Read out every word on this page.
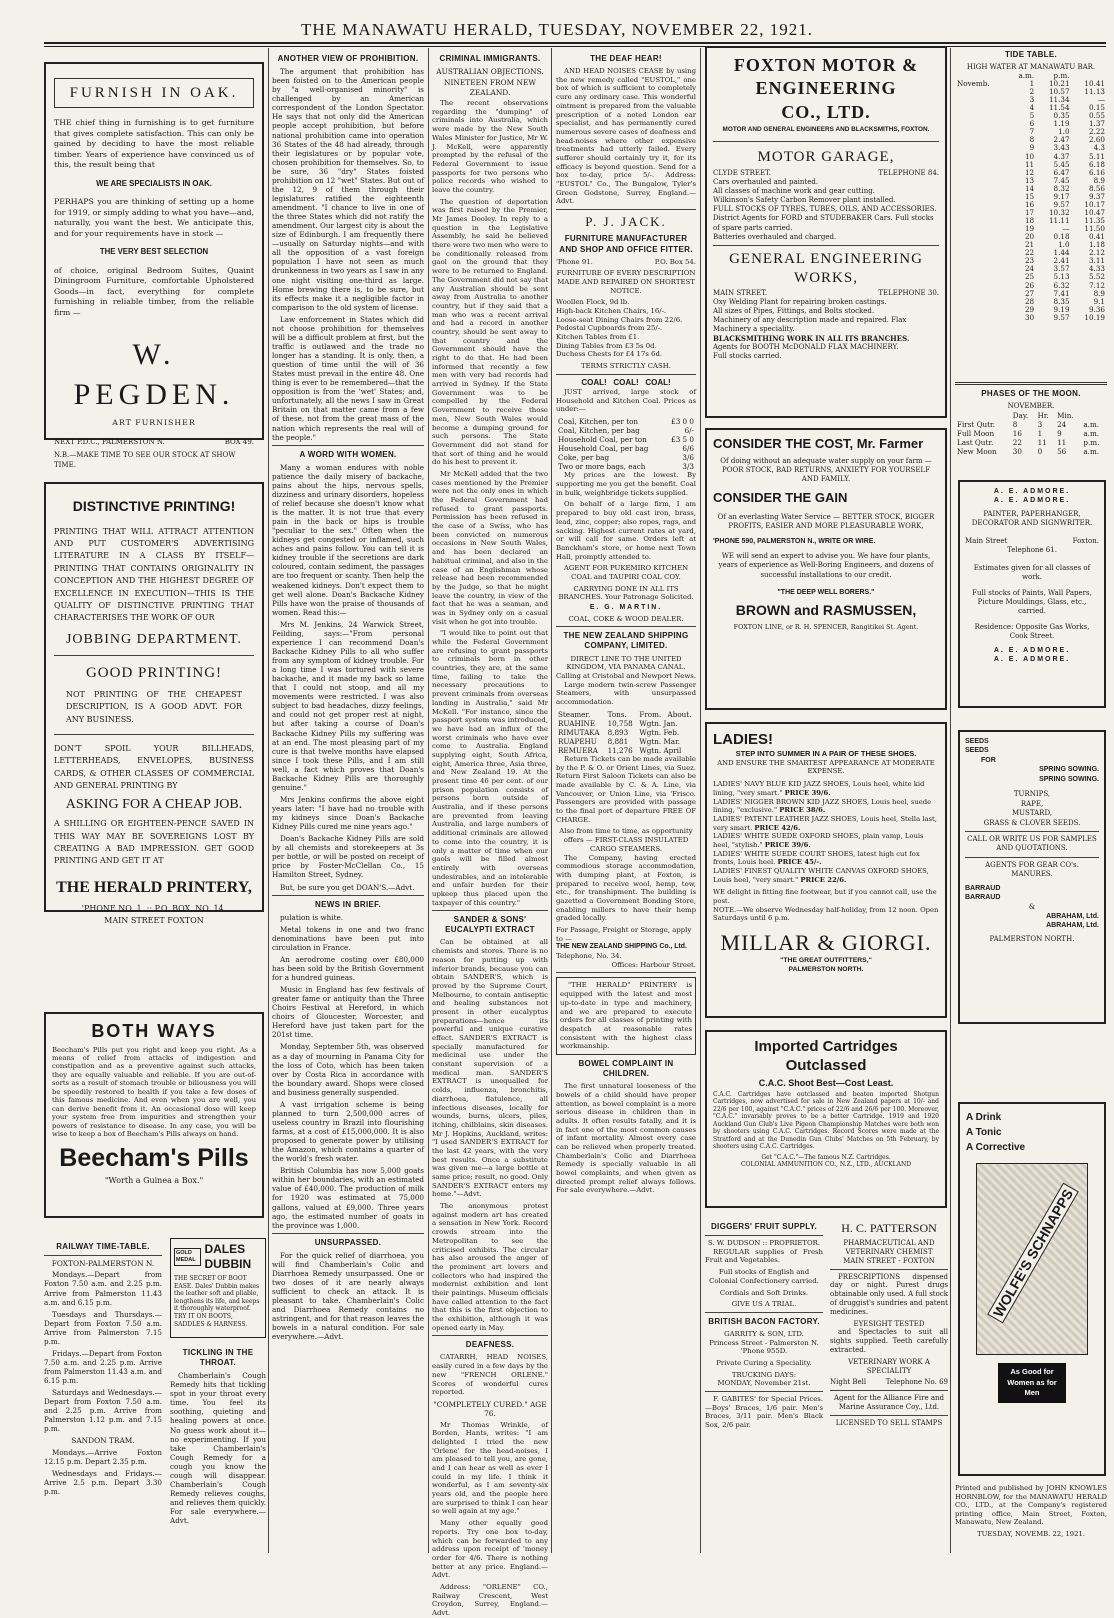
THE MANAWATU HERALD, TUESDAY, NOVEMBER 22, 1921.
FURNISH IN OAK.
THE chief thing in furnishing is to get furniture that gives complete satisfaction. This can only be gained by deciding to have the most reliable timber. Years of experience have convinced us of this, the result being that
WE ARE SPECIALISTS IN OAK.
PERHAPS you are thinking of setting up a home for 1919, or simply adding to what you have—and, naturally, you want the best. We anticipate this, and for your requirements have in stock —
THE VERY BEST SELECTION
of choice, original Bedroom Suites, Quaint Diningroom Furniture, comfortable Upholstered Goods—in fact, everything for complete furnishing in reliable timber, from the reliable firm —
W. PEGDEN.
ART FURNISHER
NEXT P.D.C., PALMERSTON N.	BOX 49.
N.B.—MAKE TIME TO SEE OUR STOCK AT SHOW TIME.
DISTINCTIVE PRINTING!
PRINTING THAT WILL ATTRACT ATTENTION AND PUT CUSTOMER'S ADVERTISING LITERATURE IN A CLASS BY ITSELF—PRINTING THAT CONTAINS ORIGINALITY IN CONCEPTION AND THE HIGHEST DEGREE OF EXCELLENCE IN EXECUTION—THIS IS THE QUALITY OF DISTINCTIVE PRINTING THAT CHARACTERISES THE WORK OF OUR
JOBBING DEPARTMENT.
GOOD PRINTING!
NOT PRINTING OF THE CHEAPEST DESCRIPTION, IS A GOOD ADVT. FOR ANY BUSINESS.
DON'T SPOIL YOUR BILLHEADS, LETTERHEADS, ENVELOPES, BUSINESS CARDS, & OTHER CLASSES OF COMMERCIAL AND GENERAL PRINTING BY
ASKING FOR A CHEAP JOB.
A SHILLING OR EIGHTEEN-PENCE SAVED IN THIS WAY MAY BE SOVEREIGNS LOST BY CREATING A BAD IMPRESSION. GET GOOD PRINTING AND GET IT AT
THE HERALD PRINTERY,
'PHONE NO. 1. :: P.O. BOX, NO. 14.
MAIN STREET FOXTON
BOTH WAYS
Beecham's Pills put you right and keep you right. As a means of relief from attacks of indigestion and constipation and as a preventive against such attacks, they are equally valuable and reliable. If you are out-of-sorts as a result of stomach trouble or biliousness you will be speedily restored to health if you take a few doses of this famous medicine. And even when you are well, you can derive benefit from it. An occasional dose will keep your system free from impurities and strengthen your powers of resistance to disease. In any case, you will be wise to keep a box of Beecham's Pills always on hand.
Beecham's Pills
"Worth a Guinea a Box."
RAILWAY TIME-TABLE.
FOXTON-PALMERSTON N.

Mondays.—Depart from Foxton 7.50 a.m. and 2.25 p.m. Arrive from Palmerston 11.43 a.m. and 6.15 p.m.

Tuesdays and Thursdays.—Depart from Foxton 7.50 a.m. Arrive from Palmerston 7.15 p.m.

Fridays.—Depart from Foxton 7.50 a.m. and 2.25 p.m. Arrive from Palmerston 11.43 a.m. and 6.15 p.m.

Saturdays and Wednesdays.—Depart from Foxton 7.50 a.m. and 2.25 p.m. Arrive from Palmerston 1.12 p.m. and 7.15 p.m.

SANDON TRAM.

Mondays.—Arrive Foxton 12.15 p.m. Depart 2.35 p.m.

Wednesdays and Fridays.—Arrive 2.5 p.m. Depart 3.30 p.m.

GOLD MEDAL
DALES DUBBIN
THE SECRET OF BOOT EASE. Dales' Dubbin makes the leather soft and pliable, lengthens its life, and keeps it thoroughly waterproof. TRY IT ON BOOTS, SADDLES & HARNESS.
TICKLING IN THE THROAT.

Chamberlain's Cough Remedy hits that tickling spot in your throat every time. You feel its soothing, quieting and healing powers at once. No guess work about it—no experimenting. If you take Chamberlain's Cough Remedy for a cough you know the cough will disappear. Chamberlain's Cough Remedy relieves coughs, and relieves them quickly. For sale everywhere.—Advt.

ANOTHER VIEW OF PROHIBITION.

The argument that prohibition has been foisted on to the American people by "a well-organised minority" is challenged by an American correspondent of the London Spectator. He says that not only did the American people accept prohibition, but before national prohibition came into operation 36 States of the 48 had already, through their legislatures or by popular vote, chosen prohibition for themselves. So, to be sure, 36 "dry" States foisted prohibition on 12 "wet" States. But out of the 12, 9 of them through their legislatures ratified the eighteenth amendment. "I chance to live in one of the three States which did not ratify the amendment. Our largest city is about the size of Edinburgh. I am frequently there—usually on Saturday nights—and with all the opposition of a vast foreign population I have not seen as much drunkenness in two years as I saw in any one night visiting one-third as large. Home brewing there is, to be sure, but its effects make it a negligible factor in comparison to the old system of license.

Law enforcement in States which did not choose prohibition for themselves will be a difficult problem at first, but the traffic is outlawed and the trade no longer has a standing. It is only, then, a question of time until the will of 36 States must prevail in the entire 48. One thing is ever to be remembered—that the opposition is from the 'wet' States; and, unfortunately, all the news I saw in Great Britain on that matter came from a few of these, not from the great mass of the nation which represents the real will of the people."

A WORD WITH WOMEN.

Many a woman endures with noble patience the daily misery of backache, pains about the hips, nervous spells, dizziness and urinary disorders, hopeless of relief because she doesn't know what is the matter. It is not true that every pain in the back or hips is trouble "peculiar to the sex." Often when the kidneys get congested or inflamed, such aches and pains follow. You can tell it is kidney trouble if the secretions are dark coloured, contain sediment, the passages are too frequent or scanty. Then help the weakened kidneys. Don't expect them to get well alone. Doan's Backache Kidney Pills have won the praise of thousands of women. Read this:—

Mrs M. Jenkins, 24 Warwick Street, Feilding, says:—"From personal experience I can recommend Doan's Backache Kidney Pills to all who suffer from any symptom of kidney trouble. For a long time I was tortured with severe backache, and it made my back so lame that I could not stoop, and all my movements were restricted. I was also subject to bad headaches, dizzy feelings, and could not get proper rest at night, but after taking a course of Doan's Backache Kidney Pills my suffering was at an end. The most pleasing part of my cure is that twelve months have elapsed since I took these Pills, and I am still well, a fact which proves that Doan's Backache Kidney Pills are thoroughly genuine."

Mrs Jenkins confirms the above eight years later: "I have had no trouble with my kidneys since Doan's Backache Kidney Pills cured me nine years ago."

Doan's Backache Kidney Pills are sold by all chemists and storekeepers at 3s per bottle, or will be posted on receipt of price by Foster-McClellan Co., 15 Hamilton Street, Sydney.

But, be sure you get DOAN'S.—Advt.

NEWS IN BRIEF.

pulation is white.

Metal tokens in one and two franc denominations have been put into circulation in France.

An aerodrome costing over £80,000 has been sold by the British Government for a hundred guineas.

Music in England has few festivals of greater fame or antiquity than the Three Choirs Festival at Hereford, in which choirs of Gloucester, Worcester, and Hereford have just taken part for the 201st time.

Monday, September 5th, was observed as a day of mourning in Panama City for the loss of Coto, which has been taken over by Costa Rica in accordance with the boundary award. Shops were closed and business generally suspended.

A vast irrigation scheme is being planned to turn 2,500,000 acres of useless country in Brazil into flourishing farms, at a cost of £15,000,000. It is also proposed to generate power by utilising the Amazon, which contains a quarter of the world's fresh water.

British Columbia has now 5,000 goats within her boundaries, with an estimated value of £40,000. The production of milk for 1920 was estimated at 75,000 gallons, valued at £9,000. Three years ago, the estimated number of goats in the province was 1,000.

UNSURPASSED.

For the quick relief of diarrhoea, you will find Chamberlain's Colic and Diarrhoea Remedy unsurpassed. One or two doses of it are nearly always sufficient to check an attack. It is pleasant to take. Chamberlain's Colic and Diarrhoea Remedy contains no astringent, and for that reason leaves the bowels in a natural condition. For sale everywhere.—Advt.

CRIMINAL IMMIGRANTS.
AUSTRALIAN OBJECTIONS.
NINETEEN FROM NEW ZEALAND.

The recent observations regarding the "dumping" of criminals into Australia, which were made by the New South Wales Minister for Justice, Mr W. J. McKell, were apparently prompted by the refusal of the Federal Government to issue passports for two persons who police records who wished to leave the country.

The question of deportation was first raised by the Premier, Mr James Dooley. In reply to a question in the Legislative Assembly, he said he believed there were two men who were to be conditionally released from gaol on the ground that they were to be returned to England. The Government did not say that any Australian should be sent away from Australia to another country, but if they said that a man who was a recent arrival and had a record in another country, should be sent away to that country and the Government should have the right to do that. He had been informed that recently a few men with very bad records had arrived in Sydney. If the State Government was to be compelled by the Federal Government to receive those men, New South Wales would become a dumping ground for such persons. The State Government did not stand for that sort of thing and he would do his best to prevent it.

Mr McKell added that the two cases mentioned by the Premier were not the only ones in which the Federal Government had refused to grant passports. Permission has been refused in the case of a Swiss, who has been convicted on numerous occasions in New South Wales, and has been declared an habitual criminal, and also in the case of an Englishman whose release had been recommended by the Judge, so that he might leave the country, in view of the fact that he was a seaman, and was in Sydney only on a casual visit when he got into trouble.

"I would like to point out that while the Federal Government are refusing to grant passports to criminals born in other countries, they are, at the same time, failing to take the necessary precautions to prevent criminals from overseas landing in Australia," said Mr McKell. "For instance, since the passport system was introduced, we have had an influx of the worst criminals who have ever come to Australia. England supplying eight, South Africa, eight, America three, Asia three, and New Zealand 19. At the present time 46 per cent. of our prison population consists of persons born outside of Australia, and if these persons are prevented from leaving Australia, and large numbers of additional criminals are allowed to come into the country, it is only a matter of time when our gaols will be filled almost entirely with overseas undesirables, and an intolerable and unfair burden for their upkeep thus placed upon the taxpayer of this country."

SANDER & SONS' EUCALYPTI EXTRACT

Can be obtained at all chemists and stores. There is no reason for putting up with inferior brands, because you can obtain SANDER'S, which is proved by the Supreme Court, Melbourne, to contain antiseptic and healing substances not present in other eucalyptus preparations—hence its powerful and unique curative effect. SANDER'S EXTRACT is specially manufactured for medicinal use under the constant supervision of a medical man. SANDER'S EXTRACT is unequalled for colds, influenza, bronchitis, diarrhoea, flatulence, all infectious diseases, locally for wounds, burns, ulcers, piles, itching, chilblains, skin diseases. Mr J. Hopkins, Auckland, writes: "I used SANDER'S EXTRACT for the last 42 years, with the very best results. Once a substitute was given me—a large bottle at same price; result, no good. Only SANDER'S EXTRACT enters my home."—Advt.

The anonymous protest against modern art has created a sensation in New York. Record crowds stream into the Metropolitan to see the criticised exhibits. The circular has also aroused the anger of the prominent art lovers and collectors who had inspired the modernist exhibition and lent their paintings. Museum officials have called attention to the fact that this is the first objection to the exhibition, although it was opened early in May.

DEAFNESS.

CATARRH, HEAD NOISES, easily cured in a few days by the new "FRENCH ORLENE." Scores of wonderful cures reported.

"COMPLETELY CURED." AGE 76.

Mr Thomas Wrinkle, of Borden, Hants, writes: "I am delighted I tried the new 'Orlene' for the head-noises, I am pleased to tell you, are gone, and I can hear as well as ever I could in my life. I think it wonderful, as I am seventy-six years old, and the people here are surprised to think I can hear so well again at my age."

Many other equally good reports. Try one box to-day, which can be forwarded to any address upon receipt of 'money order for 4/6. There is nothing better at any price. England.—Advt.

Address: "ORLENE" CO., Railway Crescent, West Croydon, Surrey, England.—Advt.

THE DEAF HEAR!

AND HEAD NOISES CEASE by using the new remedy called "EUSTOL," one box of which is sufficient to completely cure any ordinary case. This wonderful ointment is prepared from the valuable prescription of a noted London ear specialist, and has permanently cured numerous severe cases of deafness and head-noises where other expensive treatments had utterly failed. Every sufferer should certainly try it, for its efficacy is beyond question. Send for a box to-day, price 5/-. Address: "EUSTOL" Co., The Bungalow, Tyler's Green Godstone, Surrey, England.—Advt.

P. J. JACK.
FURNITURE MANUFACTURER AND SHOP AND OFFICE FITTER.
'Phone 91.	P.O. Box 54.
FURNITURE OF EVERY DESCRIPTION MADE AND REPAIRED ON SHORTEST NOTICE.
Woollen Flock, 9d lb.
High-back Kitchen Chairs, 16/-.
Loose-seat Dining Chairs from 22/6.
Pedestal Cupboards from 25/-.
Kitchen Tables from £1.
Dining Tables from £3 5s 0d.
Duchess Chests for £4 17s 6d.
TERMS STRICTLY CASH.
COAL!   COAL!   COAL!

JUST arrived, large stock of Household and Kitchen Coal. Prices as under:—

Coal, Kitchen, per ton	£3 0 0
Coal, Kitchen, per bag	6/-
Household Coal, per ton	£3 5 0
Household Coal, per bag	6/6
Coke, per bag	3/6
Two or more bags, each	3/3

My prices are the lowest. By supporting me you get the benefit. Coal in bulk, weighbridge tickets supplied.

On behalf of a large firm, I am prepared to buy old cast iron, brass, lead, zinc, copper; also ropes, rags, and sacking. Highest current rates at yard, or will call for same. Orders left at Banckham's store, or home next Town Hall, promptly attended to.

AGENT FOR PUKEMIRO KITCHEN COAL and TAUPIRI COAL COY.
CARRYING DONE IN ALL ITS BRANCHES. Your Patronage Solicited.
E. G. MARTIN.
COAL, COKE & WOOD DEALER.
THE NEW ZEALAND SHIPPING COMPANY, LIMITED.
DIRECT LINE TO THE UNITED KINGDOM, VIA PANAMA CANAL.
Calling at Cristobal and Newport News.

Large modern twin-screw Passenger Steamers, with unsurpassed accommodation.

Steamer.	Tons.	From.	About.
RUAHINE	10,758	Wgtn. Jan.	
RIMUTAKA	8,893	Wgtn. Feb.	
RUAPEHU	8,881	Wgtn. Mar.	
REMUERA	11,276	Wgtn. April	

Return Tickets can be made available by the P. & O. or Orient Lines, via Suez. Return First Saloon Tickets can also be made available by C. & A. Line, via Vancouver, or Union Line, via 'Frisco. Passengers are provided with passage to the final port of departure FREE OF CHARGE.

Also from time to time, as opportunity offers — FIRST-CLASS INSULATED CARGO STEAMERS.

The Company, having erected commodious storage accommodation, with dumping plant, at Foxton, is prepared to receive wool, hemp, tow, etc., for transhipment. The building is gazetted a Government Bonding Store, enabling millers to have their hemp graded locally.

For Passage, Freight or Storage, apply to —
THE NEW ZEALAND SHIPPING Co., Ltd.
Telephone, No. 34.
Offices: Harbour Street.

"THE HERALD" PRINTERY is equipped with the latest and most up-to-date in type and machinery, and we are prepared to execute orders for all classes of printing with despatch at reasonable rates consistent with the highest class workmanship.

BOWEL COMPLAINT IN CHILDREN.

The first unnatural looseness of the bowels of a child should have proper attention, as bowel complaint is a more serious disease in children than in adults. It often results fatally, and it is in fact one of the most common causes of infant mortality. Almost every case can be relieved when properly treated. Chamberlain's Colic and Diarrhoea Remedy is specially valuable in all bowel complaints, and when given as directed prompt relief always follows. For sale everywhere.—Advt.

FOXTON MOTOR &
ENGINEERING
CO., LTD.
MOTOR AND GENERAL ENGINEERS AND BLACKSMITHS, FOXTON.
MOTOR GARAGE,
CLYDE STREET.	TELEPHONE 84.
Cars overhauled and painted.
All classes of machine work and gear cutting.
Wilkinson's Safety Carbon Remover plant installed.
FULL STOCKS OF TYRES, TUBES, OILS, AND ACCESSORIES.
District Agents for FORD and STUDEBAKER Cars. Full stocks of spare parts carried.
Batteries overhauled and charged.
GENERAL ENGINEERING
WORKS,
MAIN STREET.	TELEPHONE 30.
Oxy Welding Plant for repairing broken castings.
All sizes of Pipes, Fittings, and Bolts stocked.
Machinery of any description made and repaired. Flax Machinery a speciality.
BLACKSMITHING WORK IN ALL ITS BRANCHES.
Agents for BOOTH McDONALD FLAX MACHINERY.
Full stocks carried.
CONSIDER THE COST, Mr. Farmer
Of doing without an adequate water supply on your farm — POOR STOCK, BAD RETURNS, ANXIETY FOR YOURSELF AND FAMILY.
CONSIDER THE GAIN
Of an everlasting Water Service — BETTER STOCK, BIGGER PROFITS, EASIER AND MORE PLEASURABLE WORK,
'PHONE 590, PALMERSTON N., WRITE OR WIRE.
WE will send an expert to advise you. We have four plants, years of experience as Well-Boring Engineers, and dozens of successful installations to our credit.
"THE DEEP WELL BORERS."
BROWN and RASMUSSEN,
FOXTON LINE, or R. H. SPENCER, Rangitikei St. Agent.
LADIES!
STEP INTO SUMMER IN A PAIR OF THESE SHOES.
AND ENSURE THE SMARTEST APPEARANCE AT MODERATE EXPENSE.
LADIES' NAVY BLUE KID JAZZ SHOES, Louis heel, white kid lining, "very smart." PRICE 39/6.
LADIES' NIGGER BROWN KID JAZZ SHOES, Louis heel, suede lining, "exclusive." PRICE 38/6.
LADIES' PATENT LEATHER JAZZ SHOES, Louis heel, Stella last, very smart. PRICE 42/6.
LADIES' WHITE SUEDE OXFORD SHOES, plain vamp, Louis heel, "stylish." PRICE 39/6.
LADIES' WHITE SUEDE COURT SHOES, latest high cut fox fronts, Louis heel. PRICE 45/-.
LADIES' FINEST QUALITY WHITE CANVAS OXFORD SHOES, Louis heel, "very smart." PRICE 22/6.
WE delight in fitting fine footwear, but if you cannot call, use the post.
NOTE.—We observe Wednesday half-holiday, from 12 noon. Open Saturdays until 6 p.m.
MILLAR & GIORGI.
"THE GREAT OUTFITTERS,"
PALMERSTON NORTH.
Imported Cartridges
Outclassed
C.A.C. Shoot Best—Cost Least.
C.A.C. Cartridges have outclassed and beaten imported Shotgun Cartridges, now advertised for sale in New Zealand papers at 10/- and 22/6 per 100, against "C.A.C." prices of 22/6 and 26/6 per 100. Moreover, "C.A.C." invariably proves to be a better Cartridge. 1919 and 1920 Auckland Gun Club's Live Pigeon Championship Matches were both won by shooters using C.A.C. Cartridges. Record Scores were made at the Stratford and at the Dunedin Gun Clubs' Matches on 5th February, by shooters using C.A.C. Cartridges.
Get "C.A.C."—The famous N.Z. Cartridges.
COLONIAL AMMUNITION CO., N.Z., LTD., AUCKLAND
DIGGERS' FRUIT SUPPLY.
S. W. DUDSON :: PROPRIETOR.

REGULAR supplies of Fresh Fruit and Vegetables.

Full stocks of English and Colonial Confectionery carried.
Cordials and Soft Drinks.
GIVE US A TRIAL.
BRITISH BACON FACTORY.
GARRITY & SON, LTD.
Princess Street - Palmerston N.
'Phone 955D.
Private Curing a Speciality.
TRUCKING DAYS:
MONDAY, November 21st.

F. GABITES' for Special Prices.—Boys' Braces, 1/6 pair. Men's Braces, 3/11 pair. Men's Black Sox, 2/6 pair.

H. C. PATTERSON
PHARMACEUTICAL AND
VETERINARY CHEMIST
MAIN STREET - FOXTON

PRESCRIPTIONS dispensed day or night. Purest drugs obtainable only used. A full stock of druggist's sundries and patent medicines.

EYESIGHT TESTED

and Spectacles to suit all sights supplied. Teeth carefully extracted.

VETERINARY WORK A SPECIALITY
Night Bell	Telephone No. 69
Agent for the Alliance Fire and Marine Assurance Coy., Ltd.
LICENSED TO SELL STAMPS
TIDE TABLE.
HIGH WATER AT MANAWATU BAR.
	a.m.	p.m.	
Novemb.	1	10.21	10.41
	2	10.57	11.13
	3	11.34	—
	4	11.54	0.15
	5	0.35	0.55
	6	1.19	1.37
	7	1.0	2.22
	8	2.47	2.60
	9	3.43	4.3
	10	4.37	5.11
	11	5.45	6.18
	12	6.47	6.16
	13	7.45	8.9
	14	8.32	8.56
	15	9.17	9.37
	16	9.57	10.17
	17	10.32	10.47
	18	11.11	11.35
	19	—	11.50
	20	0.18	0.41
	21	1.0	1.18
	22	1.44	2.12
	23	2.41	3.11
	24	3.57	4.33
	25	5.13	5.52
	26	6.32	7.12
	27	7.41	8.9
	28	8.35	9.1
	29	9.19	9.36
	30	9.57	10.19
PHASES OF THE MOON.
NOVEMBER.
	Day.	Hr.	Min.	
First Qutr.	8	3	24	a.m.
Full Moon	16	1	9	a.m.
Last Qutr.	22	11	11	p.m.
New Moon	30	0	56	a.m.
A. E. ADMORE.
A. E. ADMORE.
PAINTER, PAPERHANGER, DECORATOR AND SIGNWRITER.
Main Street	Foxton.
Telephone 61.
Estimates given for all classes of work.
Full stocks of Paints, Wall Papers, Picture Mouldings, Glass, etc., carried.
Residence: Opposite Gas Works, Cook Street.
A. E. ADMORE.
A. E. ADMORE.
SEEDS
SEEDS
FOR
SPRING SOWING.
SPRING SOWING.
TURNIPS,
RAPE,
MUSTARD,
GRASS & CLOVER SEEDS.
CALL OR WRITE US FOR SAMPLES AND QUOTATIONS.
AGENTS FOR GEAR CO's. MANURES.
BARRAUD
BARRAUD
&
ABRAHAM, Ltd.
ABRAHAM, Ltd.
PALMERSTON NORTH.
A Drink
A Tonic
A Corrective
WOLFE'S SCHNAPPS
As Good for Women as for Men
Printed and published by JOHN KNOWLES HORNBLOW, for the MANAWATU HERALD CO., LTD., at the Company's registered printing office, Main Street, Foxton, Manawatu, New Zealand.
TUESDAY, NOVEMB. 22, 1921.
